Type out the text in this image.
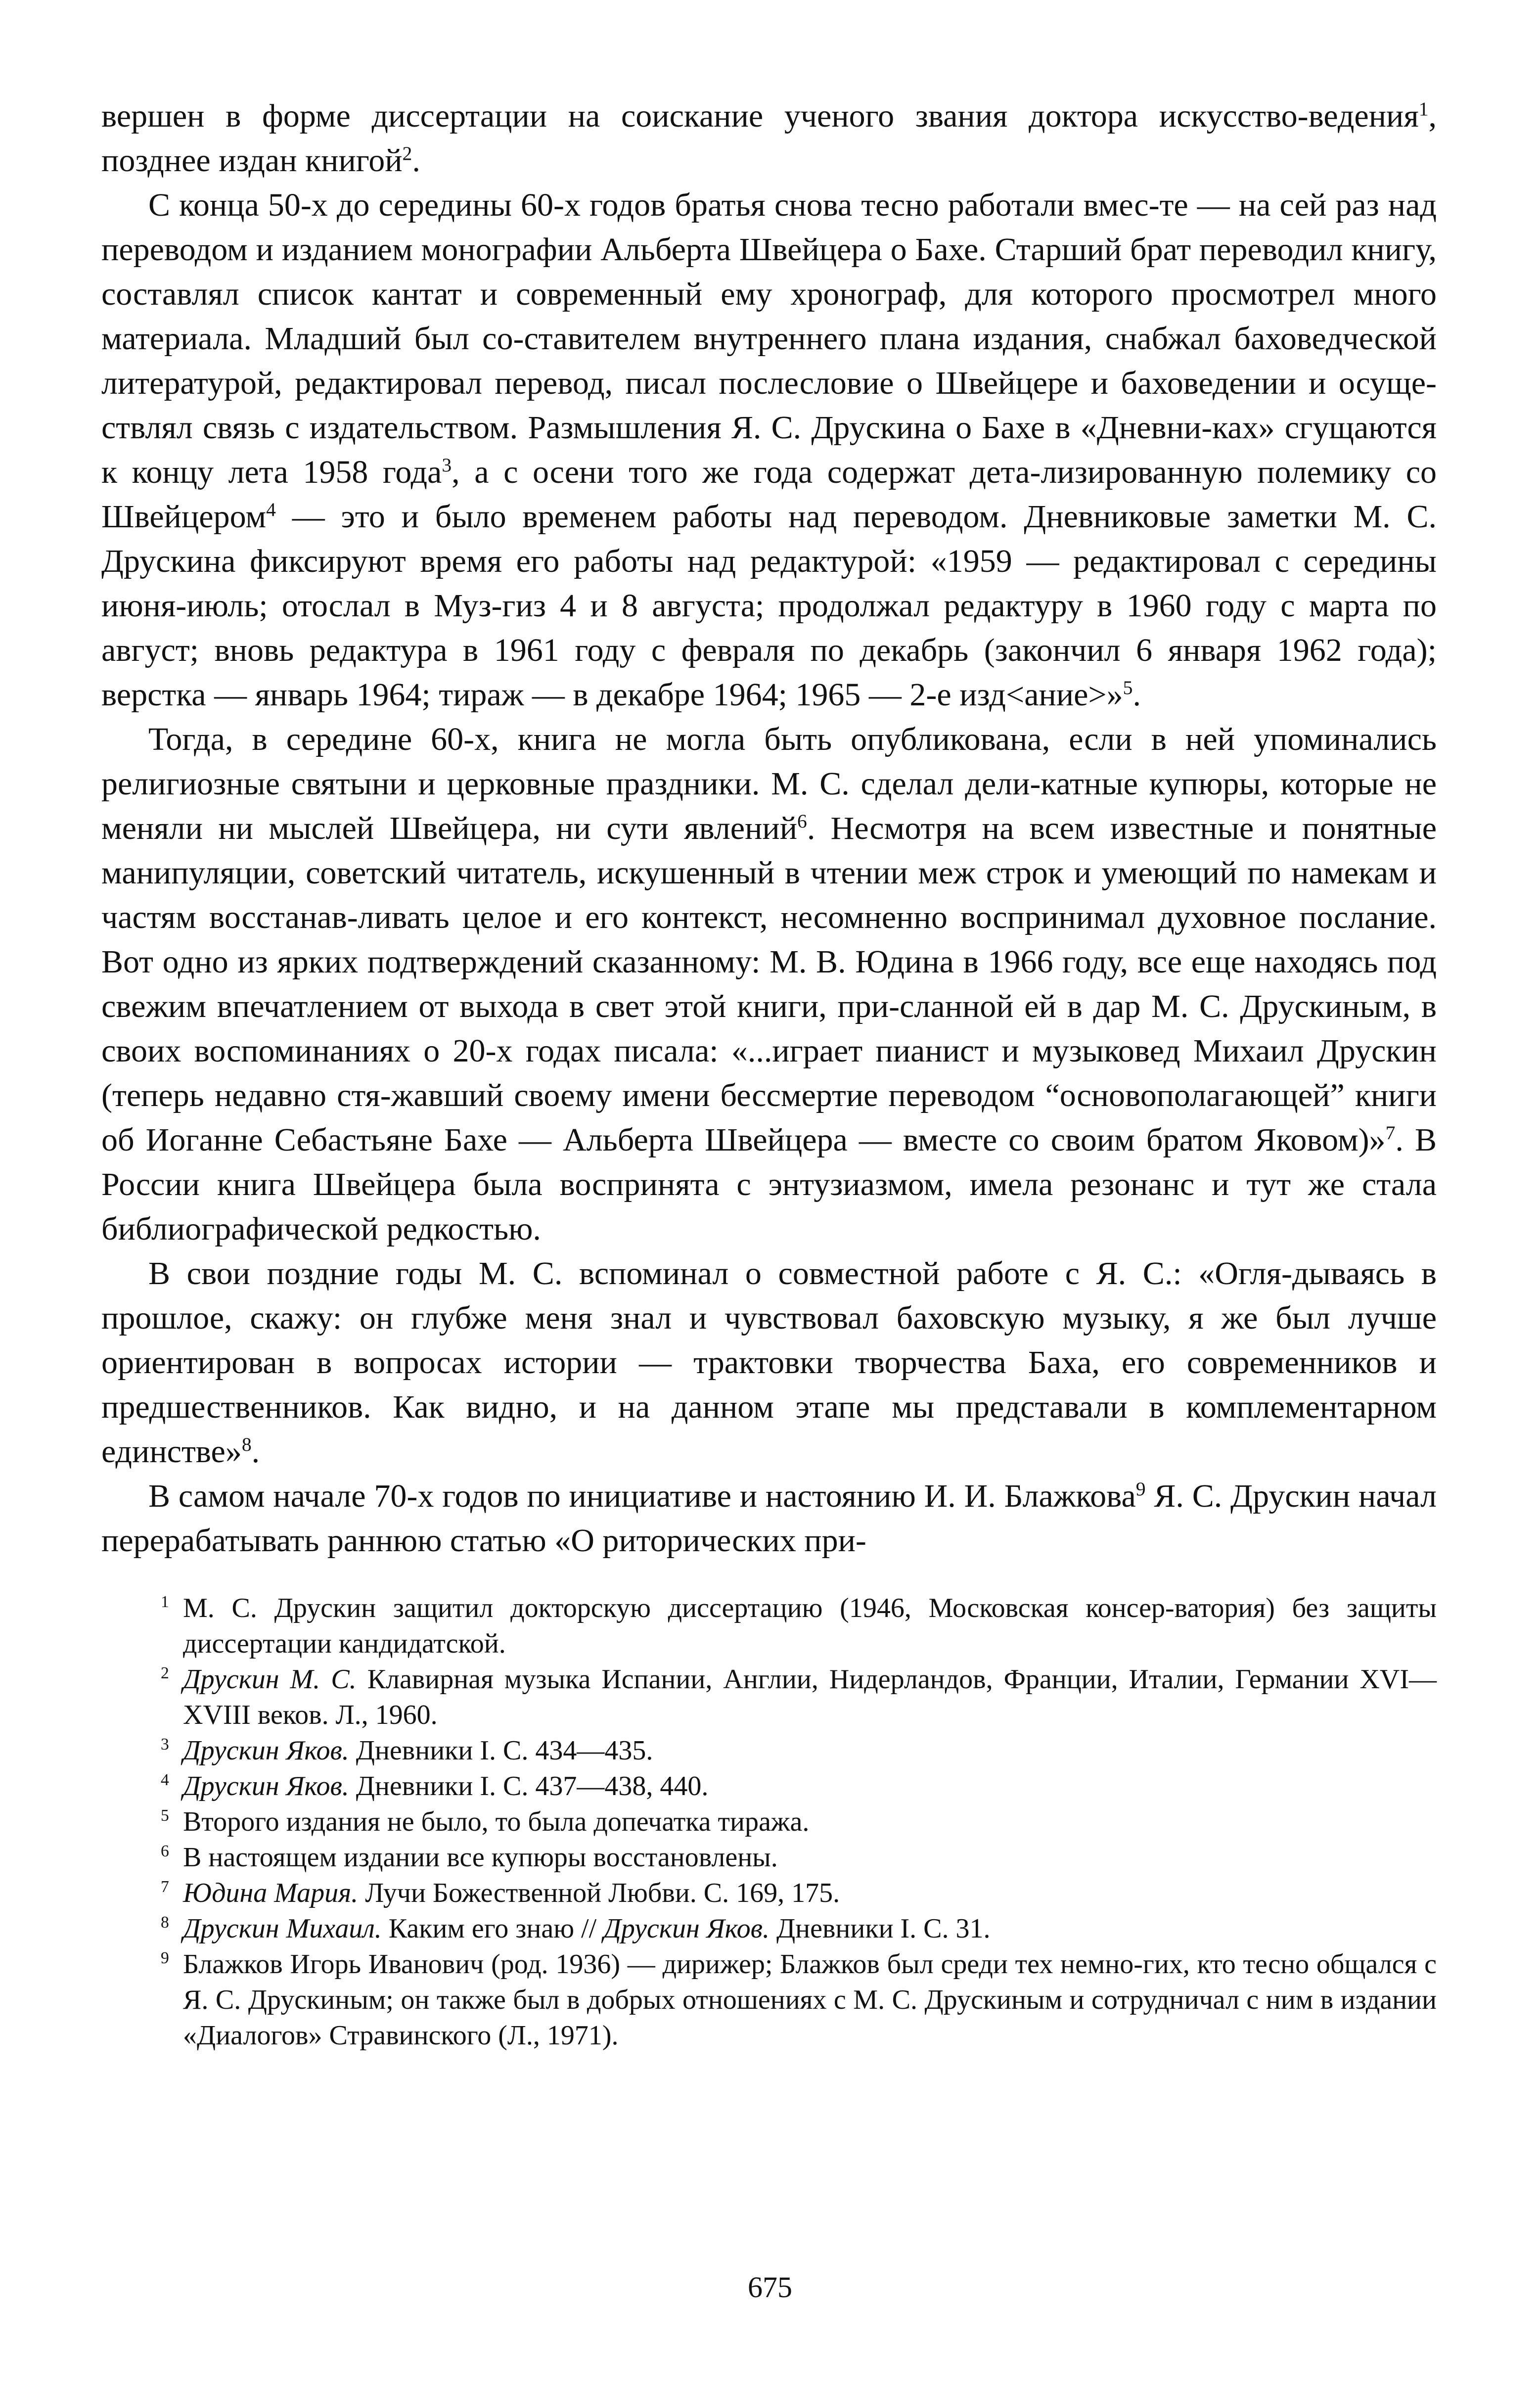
вершен в форме диссертации на соискание ученого звания доктора искусство-ведения$^1$, позднее издан книгой$^2$.

С конца 50-х до середины 60-х годов братья снова тесно работали вмес-те — на сей раз над переводом и изданием монографии Альберта Швейцера о Бахе. Старший брат переводил книгу, составлял список кантат и современный ему хронограф, для которого просмотрел много материала. Младший был со-ставителем внутреннего плана издания, снабжал баховедческой литературой, редактировал перевод, писал послесловие о Швейцере и баховедении и осуще-ствлял связь с издательством. Размышления Я. С. Друскина о Бахе в «Дневни-ках» сгущаются к концу лета 1958 года$^3$, а с осени того же года содержат дета-лизированную полемику со Швейцером$^4$ — это и было временем работы над переводом. Дневниковые заметки М. С. Друскина фиксируют время его работы над редактурой: «1959 — редактировал с середины июня-июль; отослал в Муз-гиз 4 и 8 августа; продолжал редактуру в 1960 году с марта по август; вновь редактура в 1961 году с февраля по декабрь (закончил 6 января 1962 года); верстка — январь 1964; тираж — в декабре 1964; 1965 — 2-е изд<ание>»$^5$.

Тогда, в середине 60-х, книга не могла быть опубликована, если в ней упоминались религиозные святыни и церковные праздники. М. С. сделал дели-катные купюры, которые не меняли ни мыслей Швейцера, ни сути явлений$^6$. Несмотря на всем известные и понятные манипуляции, советский читатель, искушенный в чтении меж строк и умеющий по намекам и частям восстанав-ливать целое и его контекст, несомненно воспринимал духовное послание. Вот одно из ярких подтверждений сказанному: М. В. Юдина в 1966 году, все еще находясь под свежим впечатлением от выхода в свет этой книги, при-сланной ей в дар М. С. Друскиным, в своих воспоминаниях о 20-х годах писала: «...играет пианист и музыковед Михаил Друскин (теперь недавно стя-жавший своему имени бессмертие переводом “основополагающей” книги об Иоганне Себастьяне Бахе — Альберта Швейцера — вместе со своим братом Яковом)»$^7$. В России книга Швейцера была воспринята с энтузиазмом, имела резонанс и тут же стала библиографической редкостью.

В свои поздние годы М. С. вспоминал о совместной работе с Я. С.: «Огля-дываясь в прошлое, скажу: он глубже меня знал и чувствовал баховскую музыку, я же был лучше ориентирован в вопросах истории — трактовки творчества Баха, его современников и предшественников. Как видно, и на данном этапе мы представали в комплементарном единстве»$^8$.

В самом начале 70-х годов по инициативе и настоянию И. И. Блажкова$^9$ Я. С. Друскин начал перерабатывать раннюю статью «О риторических при-

1 М. С. Друскин защитил докторскую диссертацию (1946, Московская консер-ватория) без защиты диссертации кандидатской.

2 Друскин М. С. Клавирная музыка Испании, Англии, Нидерландов, Франции, Италии, Германии XVI—XVIII веков. Л., 1960.

3 Друскин Яков. Дневники I. С. 434—435.

4 Друскин Яков. Дневники I. С. 437—438, 440.

5 Второго издания не было, то была допечатка тиража.

6 В настоящем издании все купюры восстановлены.

7 Юдина Мария. Лучи Божественной Любви. С. 169, 175.

8 Друскин Михаил. Каким его знаю // Друскин Яков. Дневники I. С. 31.

9 Блажков Игорь Иванович (род. 1936) — дирижер; Блажков был среди тех немно-гих, кто тесно общался с Я. С. Друскиным; он также был в добрых отношениях с М. С. Друскиным и сотрудничал с ним в издании «Диалогов» Стравинского (Л., 1971).

675
